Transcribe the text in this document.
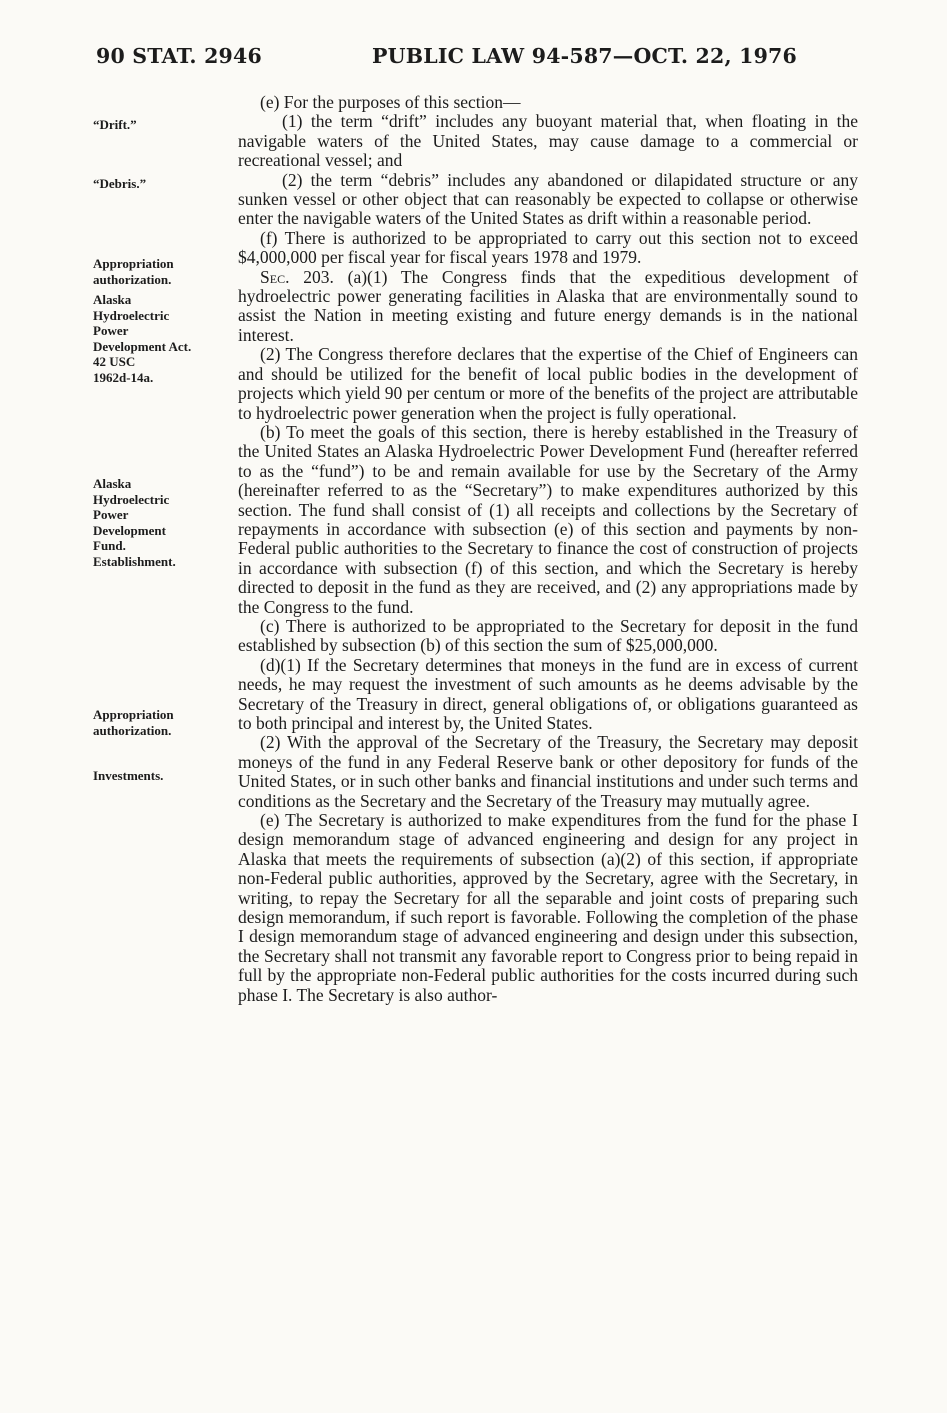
90 STAT. 2946	PUBLIC LAW 94-587—OCT. 22, 1976
“Drift.”
“Debris.”
Appropriation
authorization.
Alaska
Hydroelectric
Power
Development Act.
42 USC
1962d-14a.
Alaska
Hydroelectric
Power
Development
Fund.
Establishment.
Appropriation
authorization.
Investments.

(e) For the purposes of this section—

(1) the term “drift” includes any buoyant material that, when floating in the navigable waters of the United States, may cause damage to a commercial or recreational vessel; and

(2) the term “debris” includes any abandoned or dilapidated structure or any sunken vessel or other object that can reasonably be expected to collapse or otherwise enter the navigable waters of the United States as drift within a reasonable period.

(f) There is authorized to be appropriated to carry out this section not to exceed $4,000,000 per fiscal year for fiscal years 1978 and 1979.

Sec. 203. (a)(1) The Congress finds that the expeditious development of hydroelectric power generating facilities in Alaska that are environmentally sound to assist the Nation in meeting existing and future energy demands is in the national interest.

(2) The Congress therefore declares that the expertise of the Chief of Engineers can and should be utilized for the benefit of local public bodies in the development of projects which yield 90 per centum or more of the benefits of the project are attributable to hydroelectric power generation when the project is fully operational.

(b) To meet the goals of this section, there is hereby established in the Treasury of the United States an Alaska Hydroelectric Power Development Fund (hereafter referred to as the “fund”) to be and remain available for use by the Secretary of the Army (hereinafter referred to as the “Secretary”) to make expenditures authorized by this section. The fund shall consist of (1) all receipts and collections by the Secretary of repayments in accordance with subsection (e) of this section and payments by non-Federal public authorities to the Secretary to finance the cost of construction of projects in accordance with subsection (f) of this section, and which the Secretary is hereby directed to deposit in the fund as they are received, and (2) any appropriations made by the Congress to the fund.

(c) There is authorized to be appropriated to the Secretary for deposit in the fund established by subsection (b) of this section the sum of $25,000,000.

(d)(1) If the Secretary determines that moneys in the fund are in excess of current needs, he may request the investment of such amounts as he deems advisable by the Secretary of the Treasury in direct, general obligations of, or obligations guaranteed as to both principal and interest by, the United States.

(2) With the approval of the Secretary of the Treasury, the Secretary may deposit moneys of the fund in any Federal Reserve bank or other depository for funds of the United States, or in such other banks and financial institutions and under such terms and conditions as the Secretary and the Secretary of the Treasury may mutually agree.

(e) The Secretary is authorized to make expenditures from the fund for the phase I design memorandum stage of advanced engineering and design for any project in Alaska that meets the requirements of subsection (a)(2) of this section, if appropriate non-Federal public authorities, approved by the Secretary, agree with the Secretary, in writing, to repay the Secretary for all the separable and joint costs of preparing such design memorandum, if such report is favorable. Following the completion of the phase I design memorandum stage of advanced engineering and design under this subsection, the Secretary shall not transmit any favorable report to Congress prior to being repaid in full by the appropriate non-Federal public authorities for the costs incurred during such phase I. The Secretary is also author-
